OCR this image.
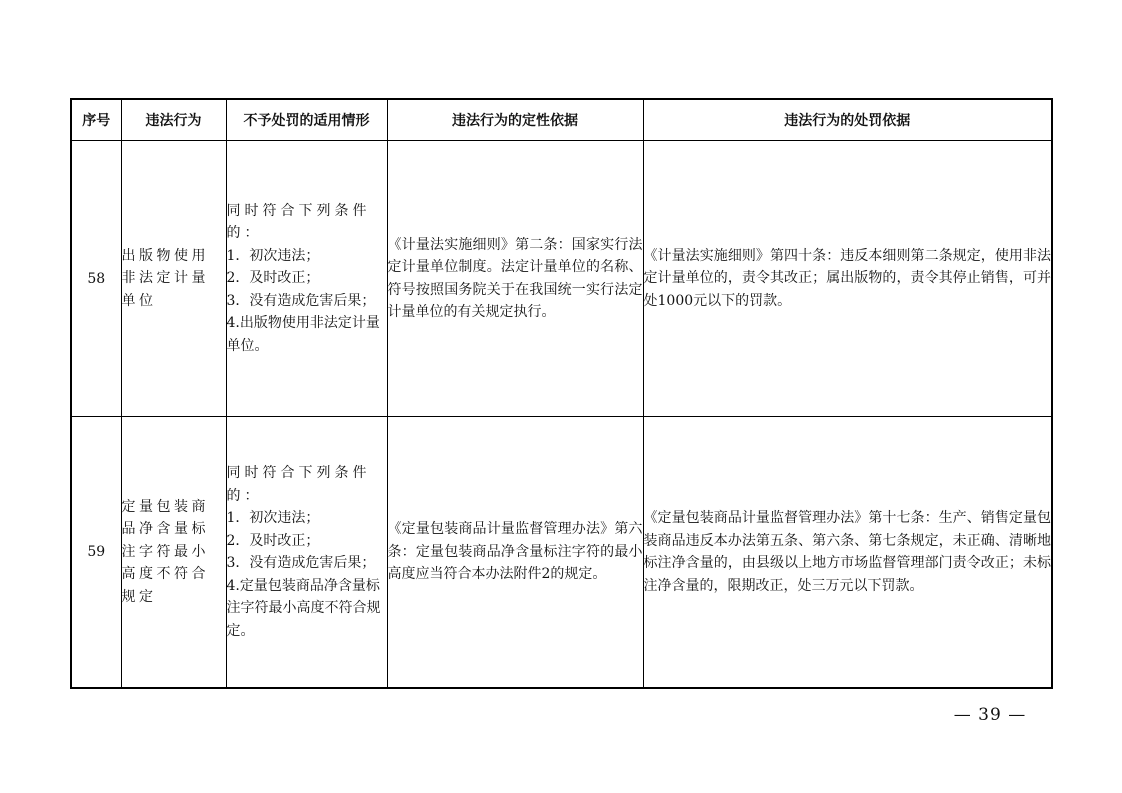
序号	违法行为	不予处罚的适用情形	违法行为的定性依据	违法行为的处罚依据
58	出版物使用非法定计量单位	同时符合下列条件的：
1．初次违法；
2．及时改正；
3．没有造成危害后果；4.出版物使用非法定计量单位。	《计量法实施细则》第二条：国家实行法定计量单位制度。法定计量单位的名称、符号按照国务院关于在我国统一实行法定计量单位的有关规定执行。	《计量法实施细则》第四十条：违反本细则第二条规定，使用非法定计量单位的，责令其改正；属出版物的，责令其停止销售，可并处1000元以下的罚款。
59	定量包装商品净含量标注字符最小高度不符合规定	同时符合下列条件的：
1．初次违法；
2．及时改正；
3．没有造成危害后果；4.定量包装商品净含量标注字符最小高度不符合规定。	《定量包装商品计量监督管理办法》第六条：定量包装商品净含量标注字符的最小高度应当符合本办法附件2的规定。	《定量包装商品计量监督管理办法》第十七条：生产、销售定量包装商品违反本办法第五条、第六条、第七条规定，未正确、清晰地标注净含量的，由县级以上地方市场监督管理部门责令改正；未标注净含量的，限期改正，处三万元以下罚款。
— 39 —
